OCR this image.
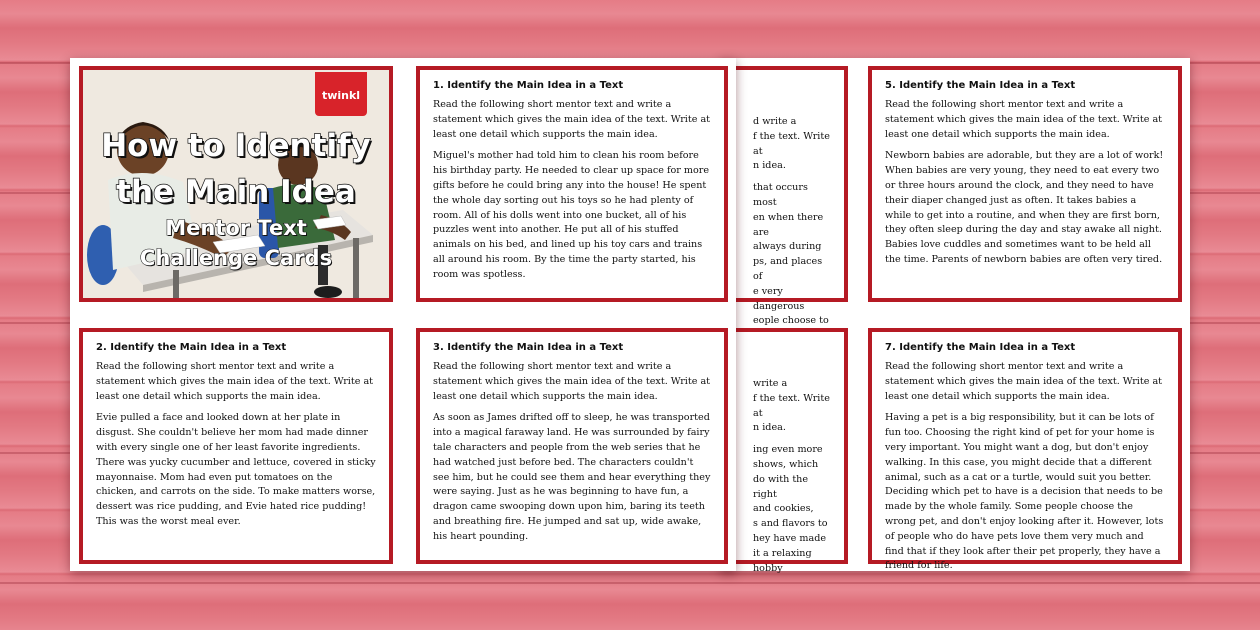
d write a

f the text. Write at

n idea.

that occurs most

en when there are

always during

ps, and places of

e very dangerous

eople choose to

write a

f the text. Write at

n idea.

ing even more

shows, which

do with the right

and cookies,

s and flavors to

hey have made

it a relaxing hobby

5. Identify the Main Idea in a Text

Read the following short mentor text and write a statement which gives the main idea of the text. Write at least one detail which supports the main idea.

Newborn babies are adorable, but they are a lot of work! When babies are very young, they need to eat every two or three hours around the clock, and they need to have their diaper changed just as often. It takes babies a while to get into a routine, and when they are first born, they often sleep during the day and stay awake all night. Babies love cuddles and sometimes want to be held all the time. Parents of newborn babies are often very tired.

7. Identify the Main Idea in a Text

Read the following short mentor text and write a statement which gives the main idea of the text. Write at least one detail which supports the main idea.

Having a pet is a big responsibility, but it can be lots of fun too. Choosing the right kind of pet for your home is very important. You might want a dog, but don't enjoy walking. In this case, you might decide that a different animal, such as a cat or a turtle, would suit you better. Deciding which pet to have is a decision that needs to be made by the whole family. Some people choose the wrong pet, and don't enjoy looking after it. However, lots of people who do have pets love them very much and find that if they look after their pet properly, they have a friend for life.

twinkl
How to Identify
the Main Idea
Mentor Text
Challenge Cards
1. Identify the Main Idea in a Text

Read the following short mentor text and write a statement which gives the main idea of the text. Write at least one detail which supports the main idea.

Miguel's mother had told him to clean his room before his birthday party. He needed to clear up space for more gifts before he could bring any into the house! He spent the whole day sorting out his toys so he had plenty of room. All of his dolls went into one bucket, all of his puzzles went into another. He put all of his stuffed animals on his bed, and lined up his toy cars and trains all around his room. By the time the party started, his room was spotless.

2. Identify the Main Idea in a Text

Read the following short mentor text and write a statement which gives the main idea of the text. Write at least one detail which supports the main idea.

Evie pulled a face and looked down at her plate in disgust. She couldn't believe her mom had made dinner with every single one of her least favorite ingredients. There was yucky cucumber and lettuce, covered in sticky mayonnaise. Mom had even put tomatoes on the chicken, and carrots on the side. To make matters worse, dessert was rice pudding, and Evie hated rice pudding! This was the worst meal ever.

3. Identify the Main Idea in a Text

Read the following short mentor text and write a statement which gives the main idea of the text. Write at least one detail which supports the main idea.

As soon as James drifted off to sleep, he was transported into a magical faraway land. He was surrounded by fairy tale characters and people from the web series that he had watched just before bed. The characters couldn't see him, but he could see them and hear everything they were saying. Just as he was beginning to have fun, a dragon came swooping down upon him, baring its teeth and breathing fire. He jumped and sat up, wide awake, his heart pounding.
